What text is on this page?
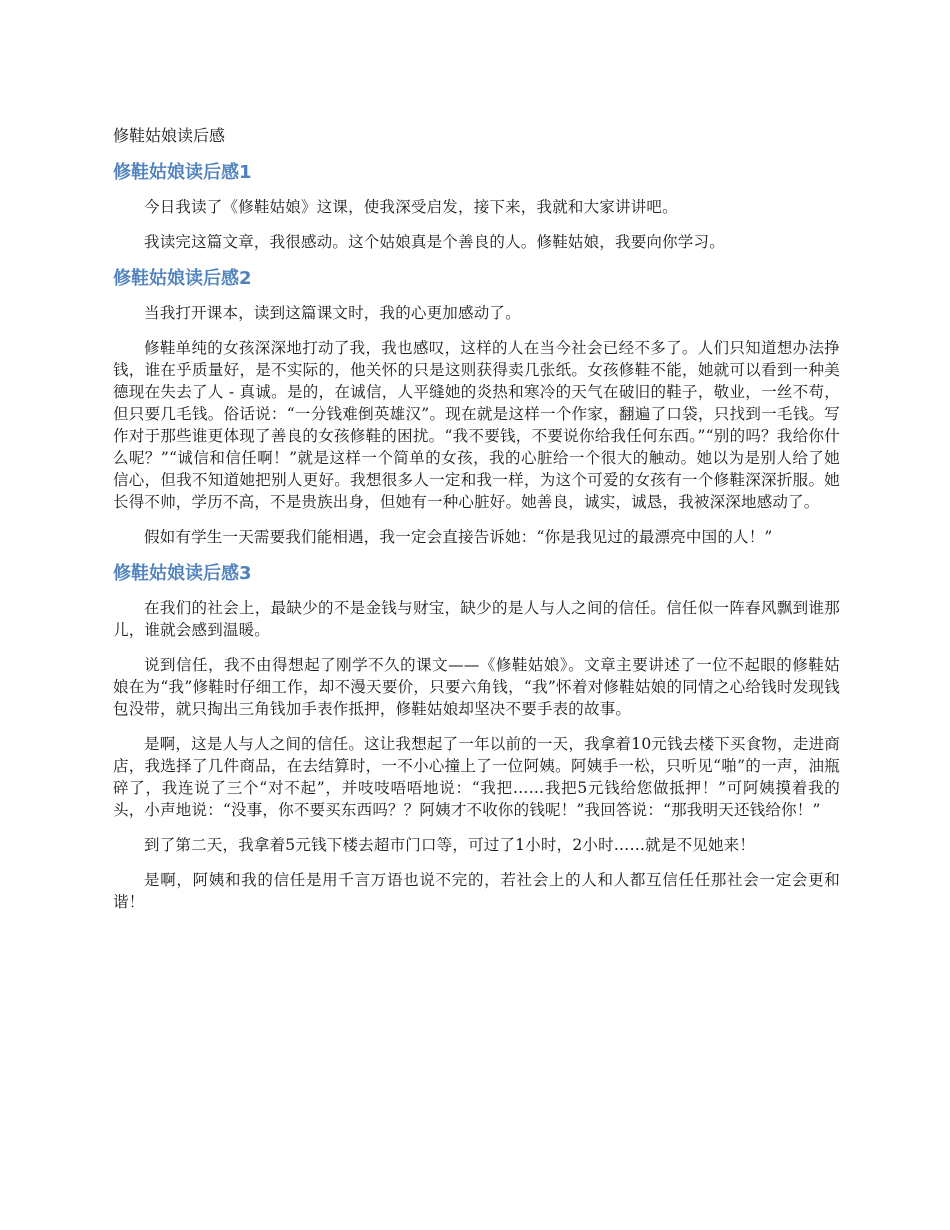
修鞋姑娘读后感
修鞋姑娘读后感1

今日我读了《修鞋姑娘》这课，使我深受启发，接下来，我就和大家讲讲吧。

我读完这篇文章，我很感动。这个姑娘真是个善良的人。修鞋姑娘，我要向你学习。

修鞋姑娘读后感2

当我打开课本，读到这篇课文时，我的心更加感动了。

修鞋单纯的女孩深深地打动了我，我也感叹，这样的人在当今社会已经不多了。人们只知道想办法挣钱，谁在乎质量好，是不实际的，他关怀的只是这则获得卖几张纸。女孩修鞋不能，她就可以看到一种美德现在失去了人 - 真诚。是的，在诚信，人平缝她的炎热和寒冷的天气在破旧的鞋子，敬业，一丝不苟，但只要几毛钱。俗话说：“一分钱难倒英雄汉”。现在就是这样一个作家，翻遍了口袋，只找到一毛钱。写作对于那些谁更体现了善良的女孩修鞋的困扰。“我不要钱，不要说你给我任何东西。”“别的吗？我给你什么呢？”“诚信和信任啊！”就是这样一个简单的女孩，我的心脏给一个很大的触动。她以为是别人给了她信心，但我不知道她把别人更好。我想很多人一定和我一样，为这个可爱的女孩有一个修鞋深深折服。她长得不帅，学历不高，不是贵族出身，但她有一种心脏好。她善良，诚实，诚恳，我被深深地感动了。

假如有学生一天需要我们能相遇，我一定会直接告诉她：“你是我见过的最漂亮中国的人！”

修鞋姑娘读后感3

在我们的社会上，最缺少的不是金钱与财宝，缺少的是人与人之间的信任。信任似一阵春风飘到谁那儿，谁就会感到温暖。

说到信任，我不由得想起了刚学不久的课文——《修鞋姑娘》。文章主要讲述了一位不起眼的修鞋姑娘在为“我”修鞋时仔细工作，却不漫天要价，只要六角钱，“我”怀着对修鞋姑娘的同情之心给钱时发现钱包没带，就只掏出三角钱加手表作抵押，修鞋姑娘却坚决不要手表的故事。

是啊，这是人与人之间的信任。这让我想起了一年以前的一天，我拿着10元钱去楼下买食物，走进商店，我选择了几件商品，在去结算时，一不小心撞上了一位阿姨。阿姨手一松，只听见“啪”的一声，油瓶碎了，我连说了三个“对不起”，并吱吱唔唔地说：“我把……我把5元钱给您做抵押！”可阿姨摸着我的头，小声地说：“没事，你不要买东西吗？？阿姨才不收你的钱呢！”我回答说：“那我明天还钱给你！”

到了第二天，我拿着5元钱下楼去超市门口等，可过了1小时，2小时……就是不见她来！

是啊，阿姨和我的信任是用千言万语也说不完的，若社会上的人和人都互信任任那社会一定会更和谐！
